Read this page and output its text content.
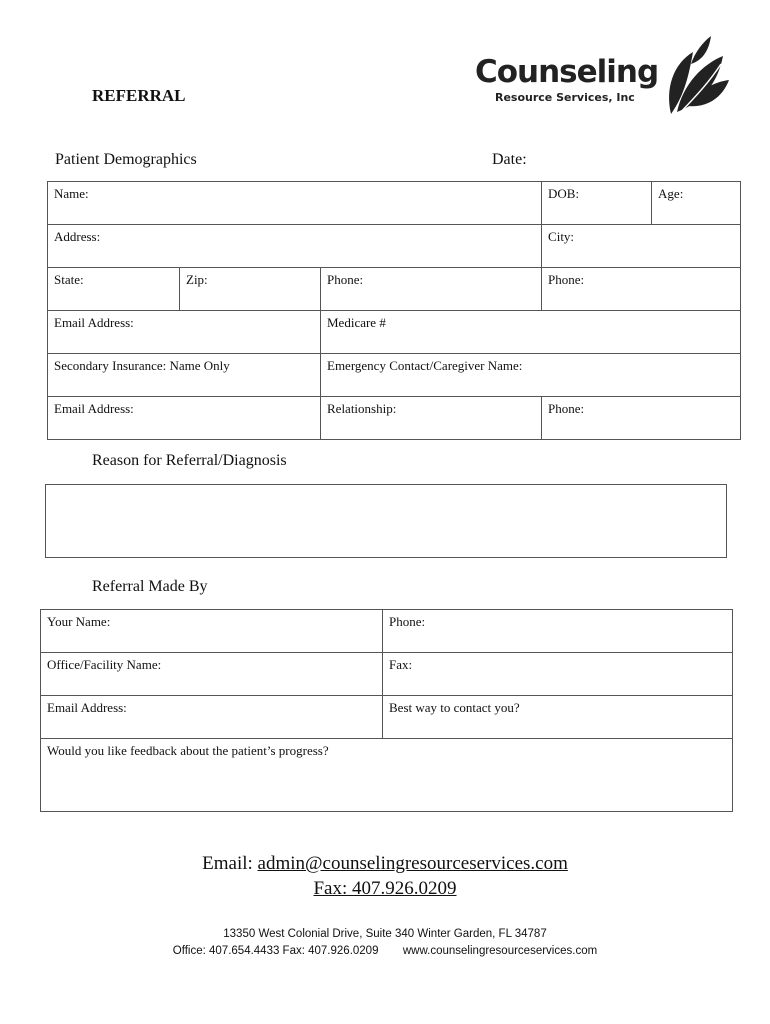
REFERRAL
Counseling
Resource Services, Inc
Patient Demographics	Date:
Name:			DOB:	Age:
Address:			City:	
State:	Zip:	Phone:	Phone:	
Email Address:		Medicare #		
Secondary Insurance: Name Only		Emergency Contact/Caregiver Name:		
Email Address:		Relationship:	Phone:	
Reason for Referral/Diagnosis
Referral Made By
Your Name:	Phone:
Office/Facility Name:	Fax:
Email Address:	Best way to contact you?
Would you like feedback about the patient’s progress?	
Email: admin@counselingresourceservices.com
Fax: 407.926.0209
13350 West Colonial Drive, Suite 340 Winter Garden, FL 34787
Office: 407.654.4433 Fax: 407.926.0209 www.counselingresourceservices.com
